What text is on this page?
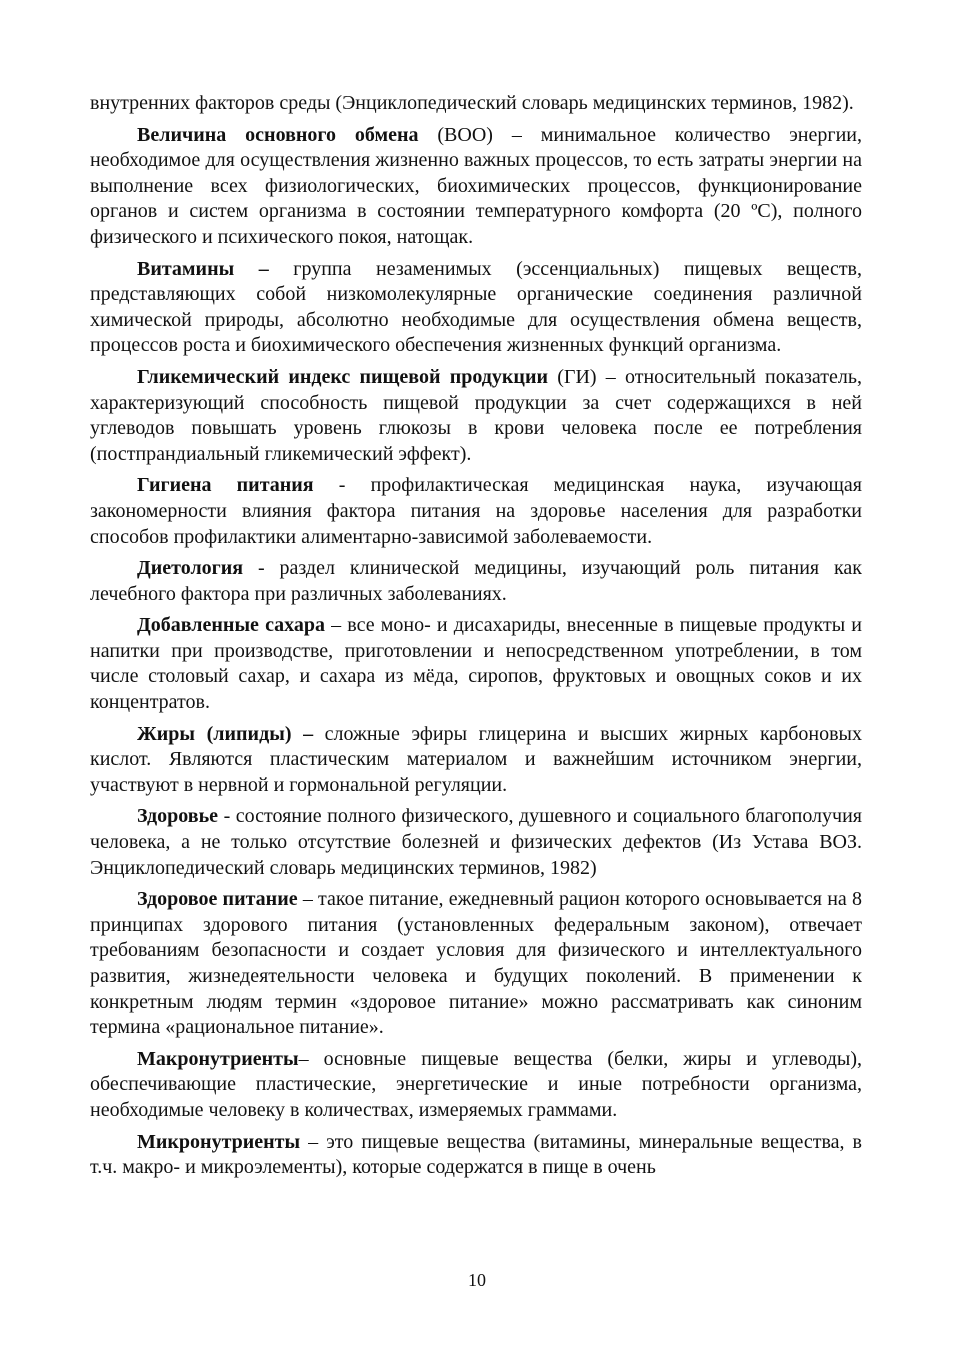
внутренних факторов среды (Энциклопедический словарь медицинских терминов, 1982).

Величина основного обмена (ВОО) – минимальное количество энергии, необходимое для осуществления жизненно важных процессов, то есть затраты энергии на выполнение всех физиологических, биохимических процессов, функционирование органов и систем организма в состоянии температурного комфорта (20 ºС), полного физического и психического покоя, натощак.

Витамины – группа незаменимых (эссенциальных) пищевых веществ, представляющих собой низкомолекулярные органические соединения различной химической природы, абсолютно необходимые для осуществления обмена веществ, процессов роста и биохимического обеспечения жизненных функций организма.

Гликемический индекс пищевой продукции (ГИ) – относительный показатель, характеризующий способность пищевой продукции за счет содержащихся в ней углеводов повышать уровень глюкозы в крови человека после ее потребления (постпрандиальный гликемический эффект).

Гигиена питания - профилактическая медицинская наука, изучающая закономерности влияния фактора питания на здоровье населения для разработки способов профилактики алиментарно-зависимой заболеваемости.

Диетология - раздел клинической медицины, изучающий роль питания как лечебного фактора при различных заболеваниях.

Добавленные сахара – все моно- и дисахариды, внесенные в пищевые продукты и напитки при производстве, приготовлении и непосредственном употреблении, в том числе столовый сахар, и сахара из мёда, сиропов, фруктовых и овощных соков и их концентратов.

Жиры (липиды) – сложные эфиры глицерина и высших жирных карбоновых кислот. Являются пластическим материалом и важнейшим источником энергии, участвуют в нервной и гормональной регуляции.

Здоровье - состояние полного физического, душевного и социального благополучия человека, а не только отсутствие болезней и физических дефектов (Из Устава ВОЗ. Энциклопедический словарь медицинских терминов, 1982)

Здоровое питание – такое питание, ежедневный рацион которого основывается на 8 принципах здорового питания (установленных федеральным законом), отвечает требованиям безопасности и создает условия для физического и интеллектуального развития, жизнедеятельности человека и будущих поколений. В применении к конкретным людям термин «здоровое питание» можно рассматривать как синоним термина «рациональное питание».

Макронутриенты– основные пищевые вещества (белки, жиры и углеводы), обеспечивающие пластические, энергетические и иные потребности организма, необходимые человеку в количествах, измеряемых граммами.

Микронутриенты – это пищевые вещества (витамины, минеральные вещества, в т.ч. макро- и микроэлементы), которые содержатся в пище в очень

10
